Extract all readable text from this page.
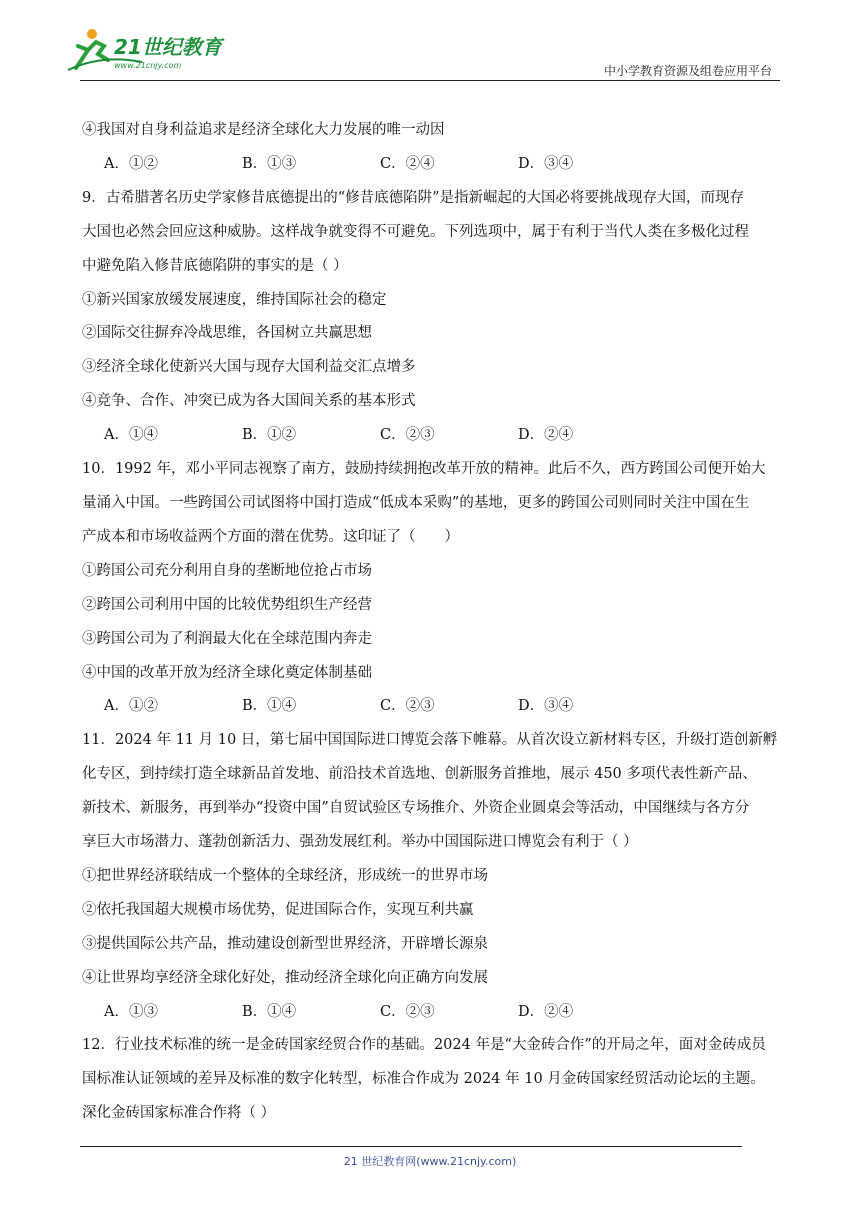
21世纪教育
www.21cnjy.com	中小学教育资源及组卷应用平台
④我国对自身利益追求是经济全球化大力发展的唯一动因
A．①②	B．①③	C．②④	D．③④
9．古希腊著名历史学家修昔底德提出的“修昔底德陷阱”是指新崛起的大国必将要挑战现存大国，而现存
大国也必然会回应这种威胁。这样战争就变得不可避免。下列选项中，属于有利于当代人类在多极化过程
中避免陷入修昔底德陷阱的事实的是（ ）
①新兴国家放缓发展速度，维持国际社会的稳定
②国际交往摒弃冷战思维，各国树立共赢思想
③经济全球化使新兴大国与现存大国利益交汇点增多
④竞争、合作、冲突已成为各大国间关系的基本形式
A．①④	B．①②	C．②③	D．②④
10．1992 年，邓小平同志视察了南方，鼓励持续拥抱改革开放的精神。此后不久，西方跨国公司便开始大
量涌入中国。一些跨国公司试图将中国打造成“低成本采购”的基地，更多的跨国公司则同时关注中国在生
产成本和市场收益两个方面的潜在优势。这印证了（　　）
①跨国公司充分利用自身的垄断地位抢占市场
②跨国公司利用中国的比较优势组织生产经营
③跨国公司为了利润最大化在全球范围内奔走
④中国的改革开放为经济全球化奠定体制基础
A．①②	B．①④	C．②③	D．③④
11．2024 年 11 月 10 日，第七届中国国际进口博览会落下帷幕。从首次设立新材料专区，升级打造创新孵
化专区，到持续打造全球新品首发地、前沿技术首选地、创新服务首推地，展示 450 多项代表性新产品、
新技术、新服务，再到举办“投资中国”自贸试验区专场推介、外资企业圆桌会等活动，中国继续与各方分
享巨大市场潜力、蓬勃创新活力、强劲发展红利。举办中国国际进口博览会有利于（ ）
①把世界经济联结成一个整体的全球经济，形成统一的世界市场
②依托我国超大规模市场优势，促进国际合作，实现互利共赢
③提供国际公共产品，推动建设创新型世界经济，开辟增长源泉
④让世界均享经济全球化好处，推动经济全球化向正确方向发展
A．①③	B．①④	C．②③	D．②④
12．行业技术标准的统一是金砖国家经贸合作的基础。2024 年是“大金砖合作”的开局之年，面对金砖成员
国标准认证领域的差异及标准的数字化转型，标准合作成为 2024 年 10 月金砖国家经贸活动论坛的主题。
深化金砖国家标准合作将（ ）
21 世纪教育网(www.21cnjy.com)
